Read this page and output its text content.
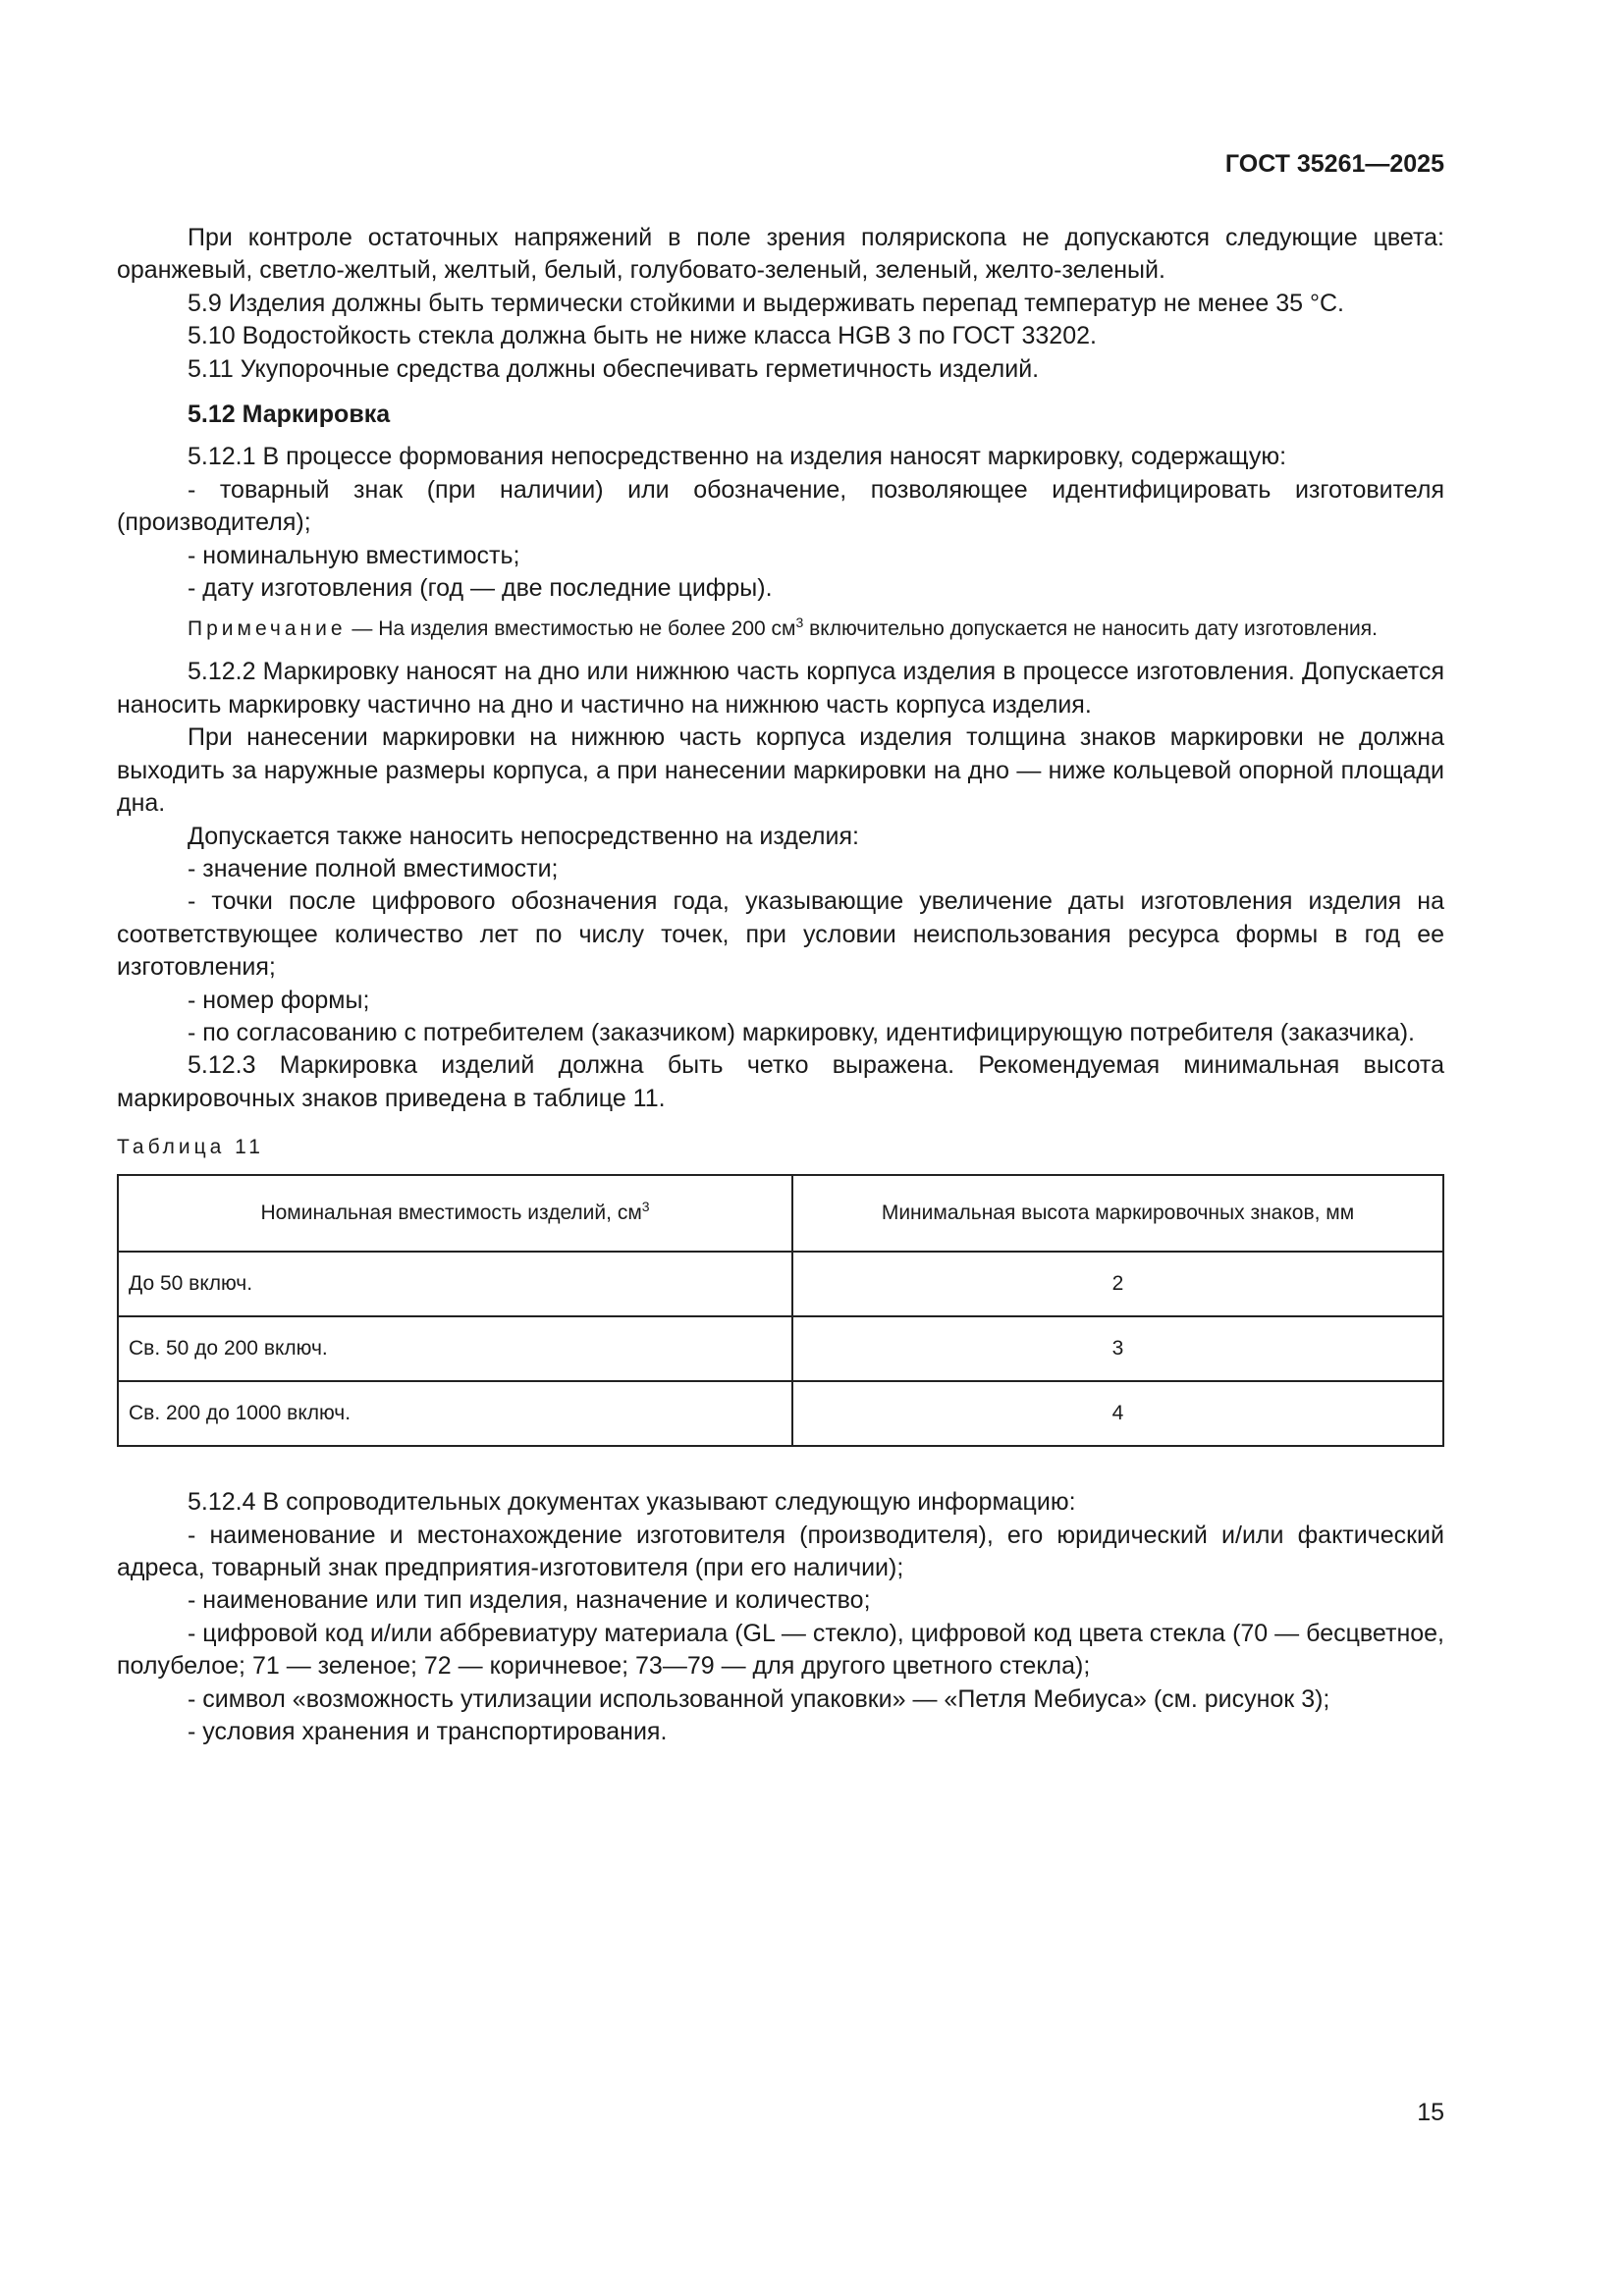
ГОСТ 35261—2025

При контроле остаточных напряжений в поле зрения полярископа не допускаются следующие цвета: оранжевый, светло-желтый, желтый, белый, голубовато-зеленый, зеленый, желто-зеленый.

5.9 Изделия должны быть термически стойкими и выдерживать перепад температур не менее 35 °С.

5.10 Водостойкость стекла должна быть не ниже класса HGB 3 по ГОСТ 33202.

5.11 Укупорочные средства должны обеспечивать герметичность изделий.

5.12 Маркировка

5.12.1 В процессе формования непосредственно на изделия наносят маркировку, содержащую:

- товарный знак (при наличии) или обозначение, позволяющее идентифицировать изготовителя (производителя);

- номинальную вместимость;

- дату изготовления (год — две последние цифры).

Примечание — На изделия вместимостью не более 200 $см^3$ включительно допускается не наносить дату изготовления.

5.12.2 Маркировку наносят на дно или нижнюю часть корпуса изделия в процессе изготовления. Допускается наносить маркировку частично на дно и частично на нижнюю часть корпуса изделия.

При нанесении маркировки на нижнюю часть корпуса изделия толщина знаков маркировки не должна выходить за наружные размеры корпуса, а при нанесении маркировки на дно — ниже кольцевой опорной площади дна.

Допускается также наносить непосредственно на изделия:

- значение полной вместимости;

- точки после цифрового обозначения года, указывающие увеличение даты изготовления изделия на соответствующее количество лет по числу точек, при условии неиспользования ресурса формы в год ее изготовления;

- номер формы;

- по согласованию с потребителем (заказчиком) маркировку, идентифицирующую потребителя (заказчика).

5.12.3 Маркировка изделий должна быть четко выражена. Рекомендуемая минимальная высота маркировочных знаков приведена в таблице 11.

Таблица 11
Номинальная вместимость изделий, $см^3$	Минимальная высота маркировочных знаков, мм
До 50 включ.	2
Св. 50 до 200 включ.	3
Св. 200 до 1000 включ.	4

5.12.4 В сопроводительных документах указывают следующую информацию:

- наименование и местонахождение изготовителя (производителя), его юридический и/или фактический адреса, товарный знак предприятия-изготовителя (при его наличии);

- наименование или тип изделия, назначение и количество;

- цифровой код и/или аббревиатуру материала (GL — стекло), цифровой код цвета стекла (70 — бесцветное, полубелое; 71 — зеленое; 72 — коричневое; 73—79 — для другого цветного стекла);

- символ «возможность утилизации использованной упаковки» — «Петля Мебиуса» (см. рисунок 3);

- условия хранения и транспортирования.

15
